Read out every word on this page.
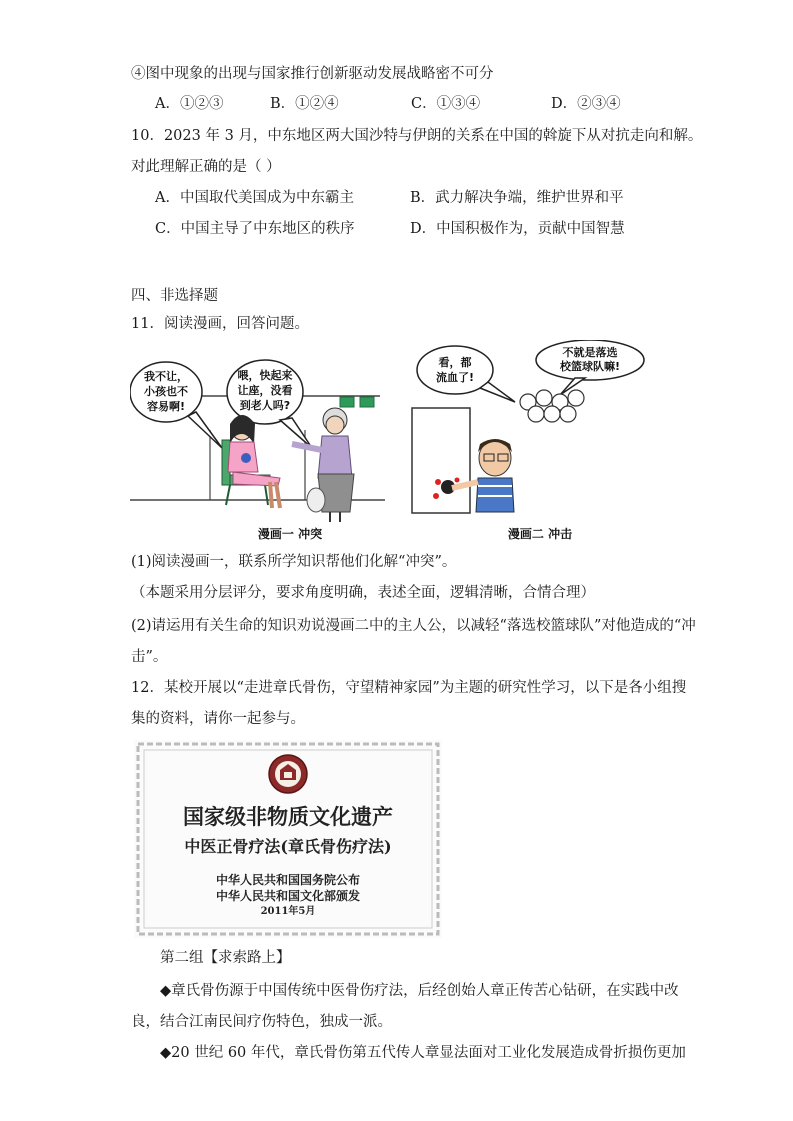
④图中现象的出现与国家推行创新驱动发展战略密不可分
A．①②③	B．①②④	C．①③④	D．②③④
10．2023 年 3 月，中东地区两大国沙特与伊朗的关系在中国的斡旋下从对抗走向和解。
对此理解正确的是（ ）
A．中国取代美国成为中东霸主	B．武力解决争端，维护世界和平
C．中国主导了中东地区的秩序	D．中国积极作为，贡献中国智慧
四、非选择题
11．阅读漫画，回答问题。
我不让，
小孩也不
容易啊!
喂，快起来
让座，没看
到老人吗?
漫画一 冲突
看，都
流血了!
不就是落选
校篮球队嘛!
漫画二 冲击
(1)阅读漫画一，联系所学知识帮他们化解“冲突”。
（本题采用分层评分，要求角度明确，表述全面，逻辑清晰，合情合理）
(2)请运用有关生命的知识劝说漫画二中的主人公，以减轻“落选校篮球队”对他造成的“冲
击”。
12．某校开展以“走进章氏骨伤，守望精神家园”为主题的研究性学习，以下是各小组搜
集的资料，请你一起参与。
国家级非物质文化遗产
中医正骨疗法(章氏骨伤疗法)
中华人民共和国国务院公布
中华人民共和国文化部颁发
2011年5月
第二组【求索路上】
◆章氏骨伤源于中国传统中医骨伤疗法，后经创始人章正传苦心钻研，在实践中改
良，结合江南民间疗伤特色，独成一派。
◆20 世纪 60 年代，章氏骨伤第五代传人章显法面对工业化发展造成骨折损伤更加
